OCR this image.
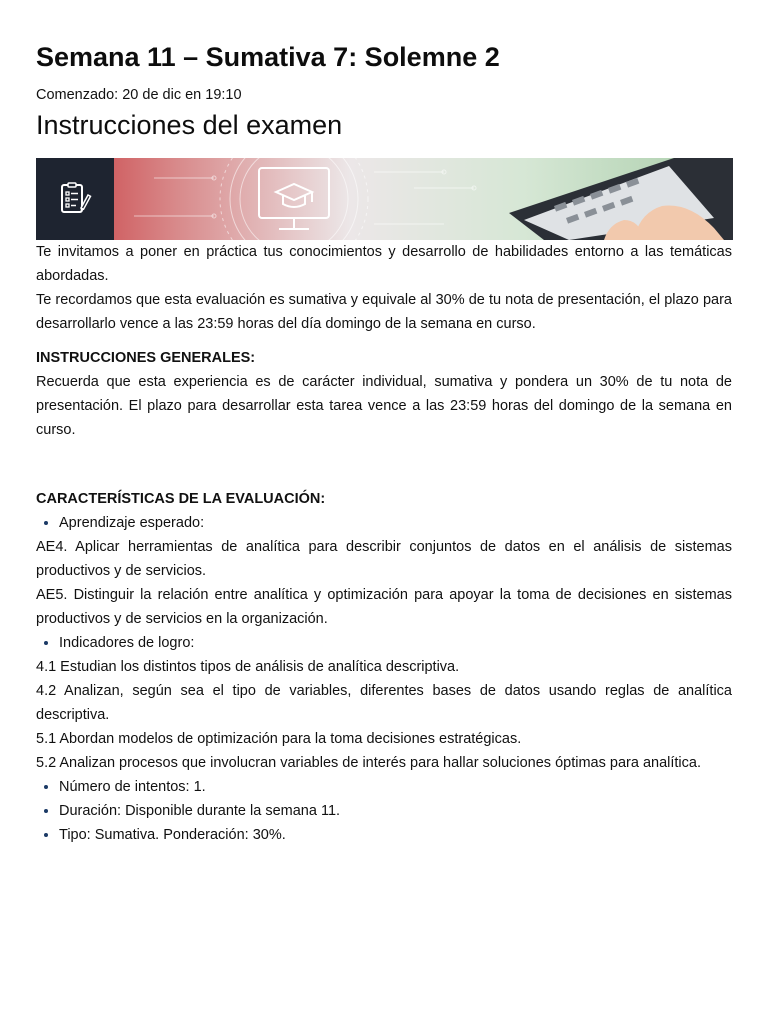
Semana 11 – Sumativa 7: Solemne 2
Comenzado: 20 de dic en 19:10
Instrucciones del examen

Te invitamos a poner en práctica tus conocimientos y desarrollo de habilidades entorno a las temáticas abordadas.

Te recordamos que esta evaluación es sumativa y equivale al 30% de tu nota de presentación, el plazo para desarrollarlo vence a las 23:59 horas del día domingo de la semana en curso.

INSTRUCCIONES GENERALES:

Recuerda que esta experiencia es de carácter individual, sumativa y pondera un 30% de tu nota de presentación. El plazo para desarrollar esta tarea vence a las 23:59 horas del domingo de la semana en curso.

CARACTERÍSTICAS DE LA EVALUACIÓN:
• Aprendizaje esperado:

AE4. Aplicar herramientas de analítica para describir conjuntos de datos en el análisis de sistemas productivos y de servicios.

AE5. Distinguir la relación entre analítica y optimización para apoyar la toma de decisiones en sistemas productivos y de servicios en la organización.

• Indicadores de logro:

4.1 Estudian los distintos tipos de análisis de analítica descriptiva.

4.2 Analizan, según sea el tipo de variables, diferentes bases de datos usando reglas de analítica descriptiva.

5.1 Abordan modelos de optimización para la toma decisiones estratégicas.

5.2 Analizan procesos que involucran variables de interés para hallar soluciones óptimas para analítica.

• Número de intentos: 1.
• Duración: Disponible durante la semana 11.
• Tipo: Sumativa. Ponderación: 30%.
